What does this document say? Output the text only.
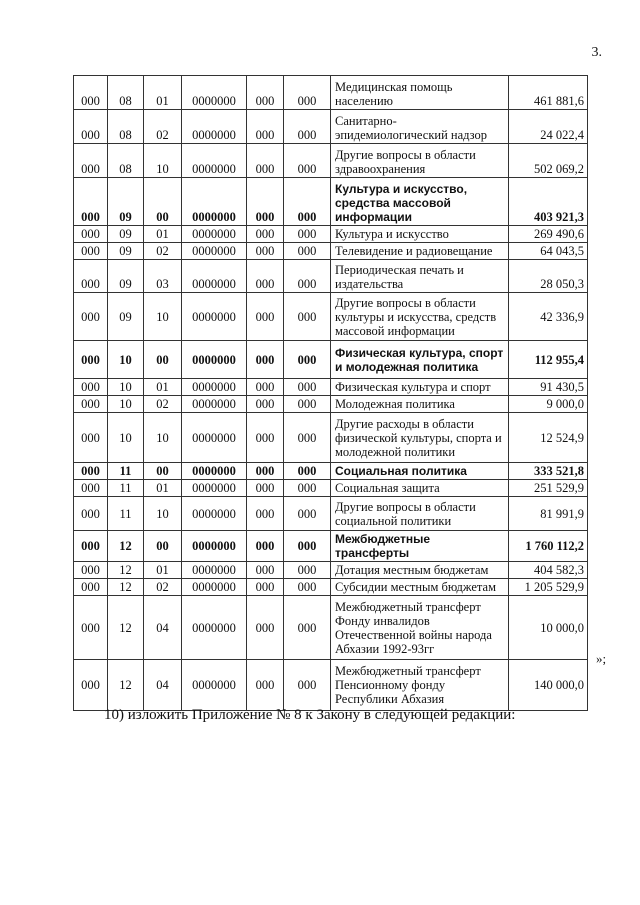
3.
000	08	01	0000000	000	000	Медицинская помощь населению	461 881,6
000	08	02	0000000	000	000	Санитарно-эпидемиологический надзор	24 022,4
000	08	10	0000000	000	000	Другие вопросы в области здравоохранения	502 069,2
000	09	00	0000000	000	000	Культура и искусство, средства массовой информации	403 921,3
000	09	01	0000000	000	000	Культура и искусство	269 490,6
000	09	02	0000000	000	000	Телевидение и радиовещание	64 043,5
000	09	03	0000000	000	000	Периодическая печать и издательства	28 050,3
000	09	10	0000000	000	000	Другие вопросы в области культуры и искусства, средств массовой информации	42 336,9
000	10	00	0000000	000	000	Физическая культура, спорт и молодежная политика	112 955,4
000	10	01	0000000	000	000	Физическая культура и спорт	91 430,5
000	10	02	0000000	000	000	Молодежная политика	9 000,0
000	10	10	0000000	000	000	Другие расходы в области физической культуры, спорта и молодежной политики	12 524,9
000	11	00	0000000	000	000	Социальная политика	333 521,8
000	11	01	0000000	000	000	Социальная защита	251 529,9
000	11	10	0000000	000	000	Другие вопросы в области социальной политики	81 991,9
000	12	00	0000000	000	000	Межбюджетные трансферты	1 760 112,2
000	12	01	0000000	000	000	Дотация местным бюджетам	404 582,3
000	12	02	0000000	000	000	Субсидии местным бюджетам	1 205 529,9
000	12	04	0000000	000	000	Межбюджетный трансферт Фонду инвалидов Отечественной войны народа Абхазии 1992-93гг	10 000,0
000	12	04	0000000	000	000	Межбюджетный трансферт Пенсионному фонду Республики Абхазия	140 000,0
»;
10) изложить Приложение № 8 к Закону в следующей редакции:
